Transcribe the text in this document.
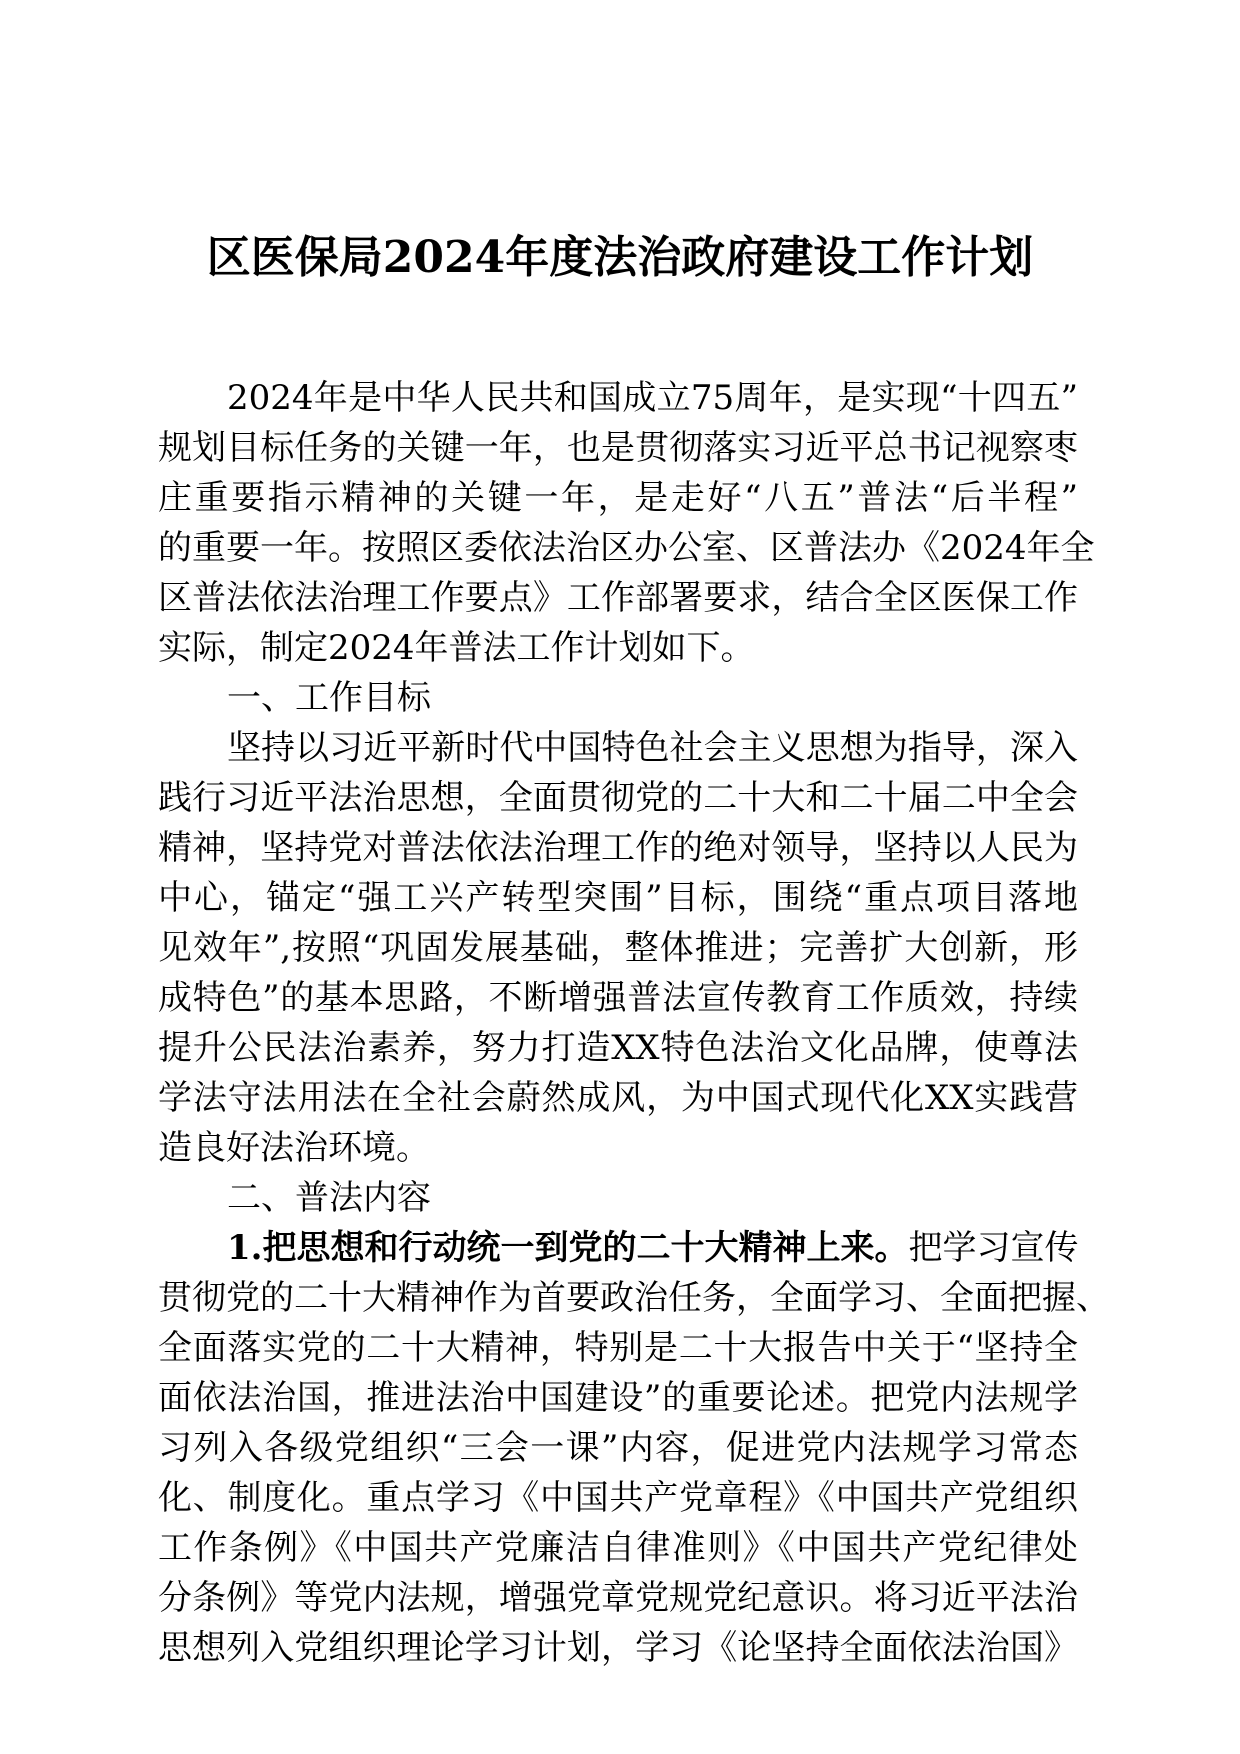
区医保局2024年度法治政府建设工作计划

2024年是中华人民共和国成立75周年，是实现“十四五”

规划目标任务的关键一年，也是贯彻落实习近平总书记视察枣

庄重要指示精神的关键一年，是走好“八五”普法“后半程”

的重要一年。按照区委依法治区办公室、区普法办《2024年全

区普法依法治理工作要点》工作部署要求，结合全区医保工作

实际，制定2024年普法工作计划如下。

一、工作目标

坚持以习近平新时代中国特色社会主义思想为指导，深入

践行习近平法治思想，全面贯彻党的二十大和二十届二中全会

精神，坚持党对普法依法治理工作的绝对领导，坚持以人民为

中心，锚定“强工兴产转型突围”目标，围绕“重点项目落地

见效年”,按照“巩固发展基础，整体推进；完善扩大创新，形

成特色”的基本思路，不断增强普法宣传教育工作质效，持续

提升公民法治素养，努力打造XX特色法治文化品牌，使尊法

学法守法用法在全社会蔚然成风，为中国式现代化XX实践营

造良好法治环境。

二、普法内容

1.把思想和行动统一到党的二十大精神上来。把学习宣传

贯彻党的二十大精神作为首要政治任务，全面学习、全面把握、

全面落实党的二十大精神，特别是二十大报告中关于“坚持全

面依法治国，推进法治中国建设”的重要论述。把党内法规学

习列入各级党组织“三会一课”内容，促进党内法规学习常态

化、制度化。重点学习《中国共产党章程》《中国共产党组织

工作条例》《中国共产党廉洁自律准则》《中国共产党纪律处

分条例》等党内法规，增强党章党规党纪意识。将习近平法治

思想列入党组织理论学习计划，学习《论坚持全面依法治国》
